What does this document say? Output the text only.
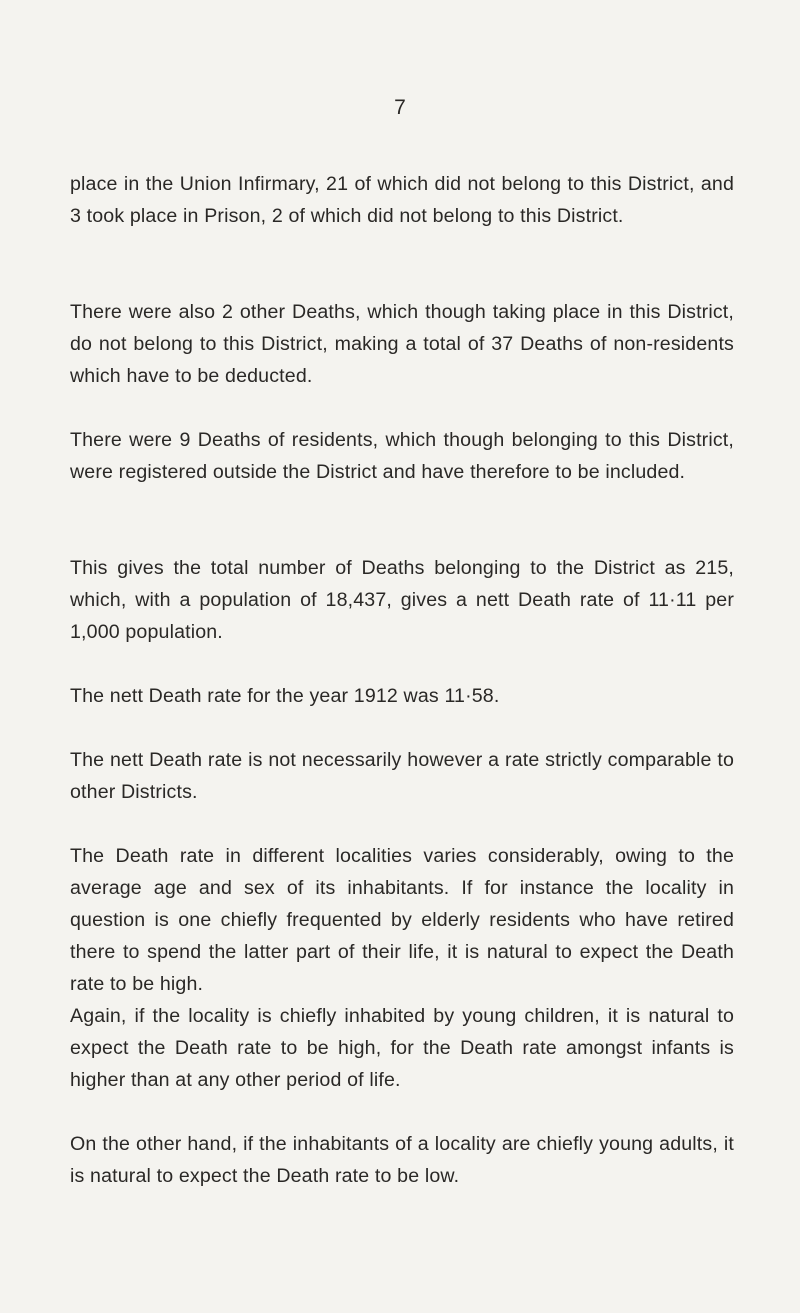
7

place in the Union Infirmary, 21 of which did not belong to this District, and 3 took place in Prison, 2 of which did not belong to this District.

There were also 2 other Deaths, which though taking place in this District, do not belong to this District, making a total of 37 Deaths of non-residents which have to be deducted.

There were 9 Deaths of residents, which though belonging to this District, were registered outside the District and have therefore to be included.

This gives the total number of Deaths belonging to the District as 215, which, with a population of 18,437, gives a nett Death rate of 11·11 per 1,000 population.

The nett Death rate for the year 1912 was 11·58.

The nett Death rate is not necessarily however a rate strictly comparable to other Districts.

The Death rate in different localities varies considerably, owing to the average age and sex of its inhabitants. If for instance the locality in question is one chiefly frequented by elderly residents who have retired there to spend the latter part of their life, it is natural to expect the Death rate to be high.

Again, if the locality is chiefly inhabited by young children, it is natural to expect the Death rate to be high, for the Death rate amongst infants is higher than at any other period of life.

On the other hand, if the inhabitants of a locality are chiefly young adults, it is natural to expect the Death rate to be low.
